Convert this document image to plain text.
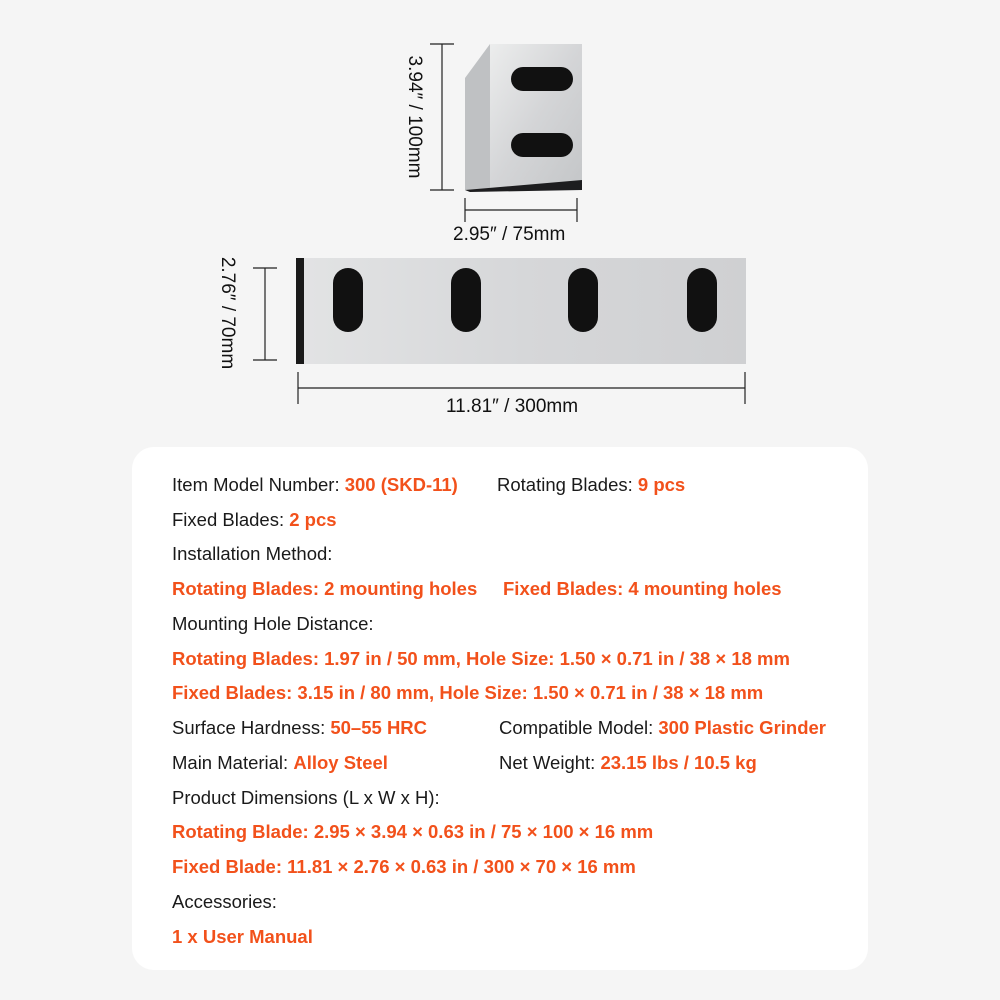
3.94″ / 100mm
2.95″ / 75mm
2.76″ / 70mm
11.81″ / 300mm
Item Model Number: 300 (SKD-11) Rotating Blades: 9 pcs
Fixed Blades: 2 pcs
Installation Method:
Rotating Blades: 2 mounting holes Fixed Blades: 4 mounting holes
Mounting Hole Distance:
Rotating Blades: 1.97 in / 50 mm, Hole Size: 1.50 × 0.71 in / 38 × 18 mm
Fixed Blades: 3.15 in / 80 mm, Hole Size: 1.50 × 0.71 in / 38 × 18 mm
Surface Hardness: 50–55 HRC	Compatible Model: 300 Plastic Grinder
Main Material: Alloy Steel	Net Weight: 23.15 lbs / 10.5 kg
Product Dimensions (L x W x H):
Rotating Blade: 2.95 × 3.94 × 0.63 in / 75 × 100 × 16 mm
Fixed Blade: 11.81 × 2.76 × 0.63 in / 300 × 70 × 16 mm
Accessories:
1 x User Manual
